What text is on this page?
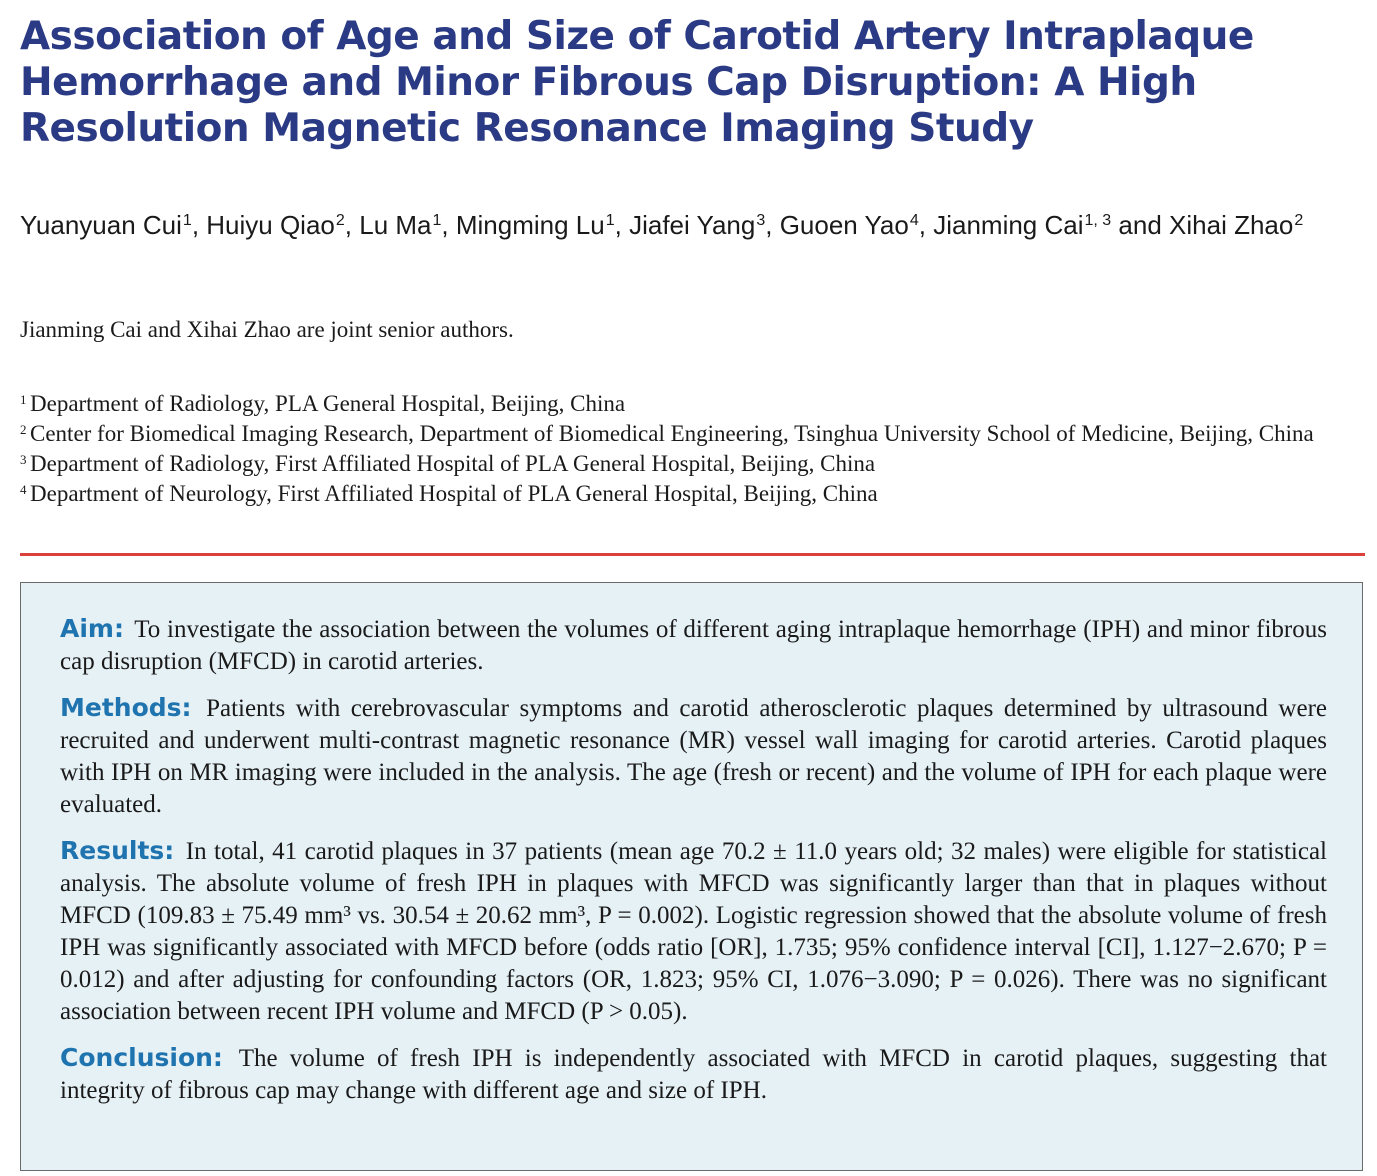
Association of Age and Size of Carotid Artery Intraplaque Hemorrhage and Minor Fibrous Cap Disruption: A High Resolution Magnetic Resonance Imaging Study
Yuanyuan Cui$^1$, Huiyu Qiao$^2$, Lu Ma$^1$, Mingming Lu$^1$, Jiafei Yang$^3$, Guoen Yao$^4$, Jianming Cai$^{1, 3}$ and Xihai Zhao$^2$
Jianming Cai and Xihai Zhao are joint senior authors.
1 Department of Radiology, PLA General Hospital, Beijing, China
2 Center for Biomedical Imaging Research, Department of Biomedical Engineering, Tsinghua University School of Medicine, Beijing, China
3 Department of Radiology, First Affiliated Hospital of PLA General Hospital, Beijing, China
4 Department of Neurology, First Affiliated Hospital of PLA General Hospital, Beijing, China

Aim: To investigate the association between the volumes of different aging intraplaque hemorrhage (IPH) and minor fibrous cap disruption (MFCD) in carotid arteries.

Methods: Patients with cerebrovascular symptoms and carotid atherosclerotic plaques determined by ultrasound were recruited and underwent multi-contrast magnetic resonance (MR) vessel wall imaging for carotid arteries. Carotid plaques with IPH on MR imaging were included in the analysis. The age (fresh or recent) and the volume of IPH for each plaque were evaluated.

Results: In total, 41 carotid plaques in 37 patients (mean age 70.2 ± 11.0 years old; 32 males) were eligible for statistical analysis. The absolute volume of fresh IPH in plaques with MFCD was significantly larger than that in plaques without MFCD (109.83 ± 75.49 mm³ vs. 30.54 ± 20.62 mm³, P = 0.002). Logistic regression showed that the absolute volume of fresh IPH was significantly associated with MFCD before (odds ratio [OR], 1.735; 95% confidence interval [CI], 1.127−2.670; P = 0.012) and after adjusting for confounding factors (OR, 1.823; 95% CI, 1.076−3.090; P = 0.026). There was no significant association between recent IPH volume and MFCD (P > 0.05).

Conclusion: The volume of fresh IPH is independently associated with MFCD in carotid plaques, suggesting that integrity of fibrous cap may change with different age and size of IPH.
